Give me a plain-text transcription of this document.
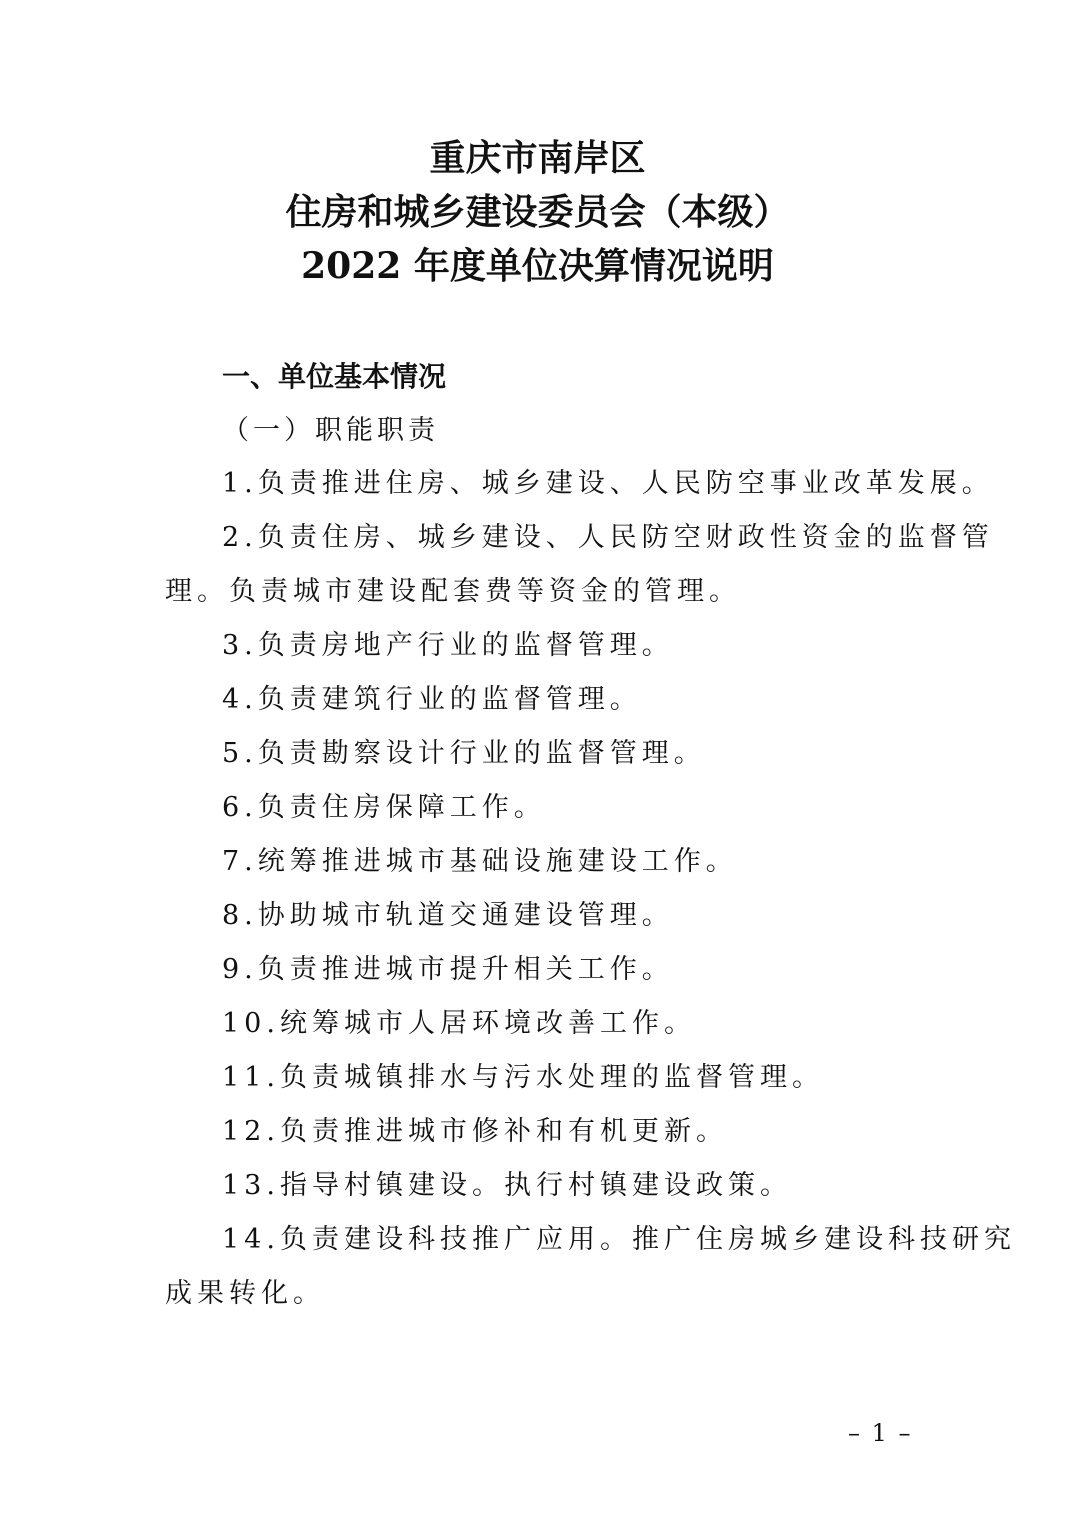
重庆市南岸区
住房和城乡建设委员会（本级）
2022 年度单位决算情况说明
一、单位基本情况
（一）职能职责
1.负责推进住房、城乡建设、人民防空事业改革发展。
2.负责住房、城乡建设、人民防空财政性资金的监督管
理。负责城市建设配套费等资金的管理。
3.负责房地产行业的监督管理。
4.负责建筑行业的监督管理。
5.负责勘察设计行业的监督管理。
6.负责住房保障工作。
7.统筹推进城市基础设施建设工作。
8.协助城市轨道交通建设管理。
9.负责推进城市提升相关工作。
10.统筹城市人居环境改善工作。
11.负责城镇排水与污水处理的监督管理。
12.负责推进城市修补和有机更新。
13.指导村镇建设。执行村镇建设政策。
14.负责建设科技推广应用。推广住房城乡建设科技研究
成果转化。
– 1 –
